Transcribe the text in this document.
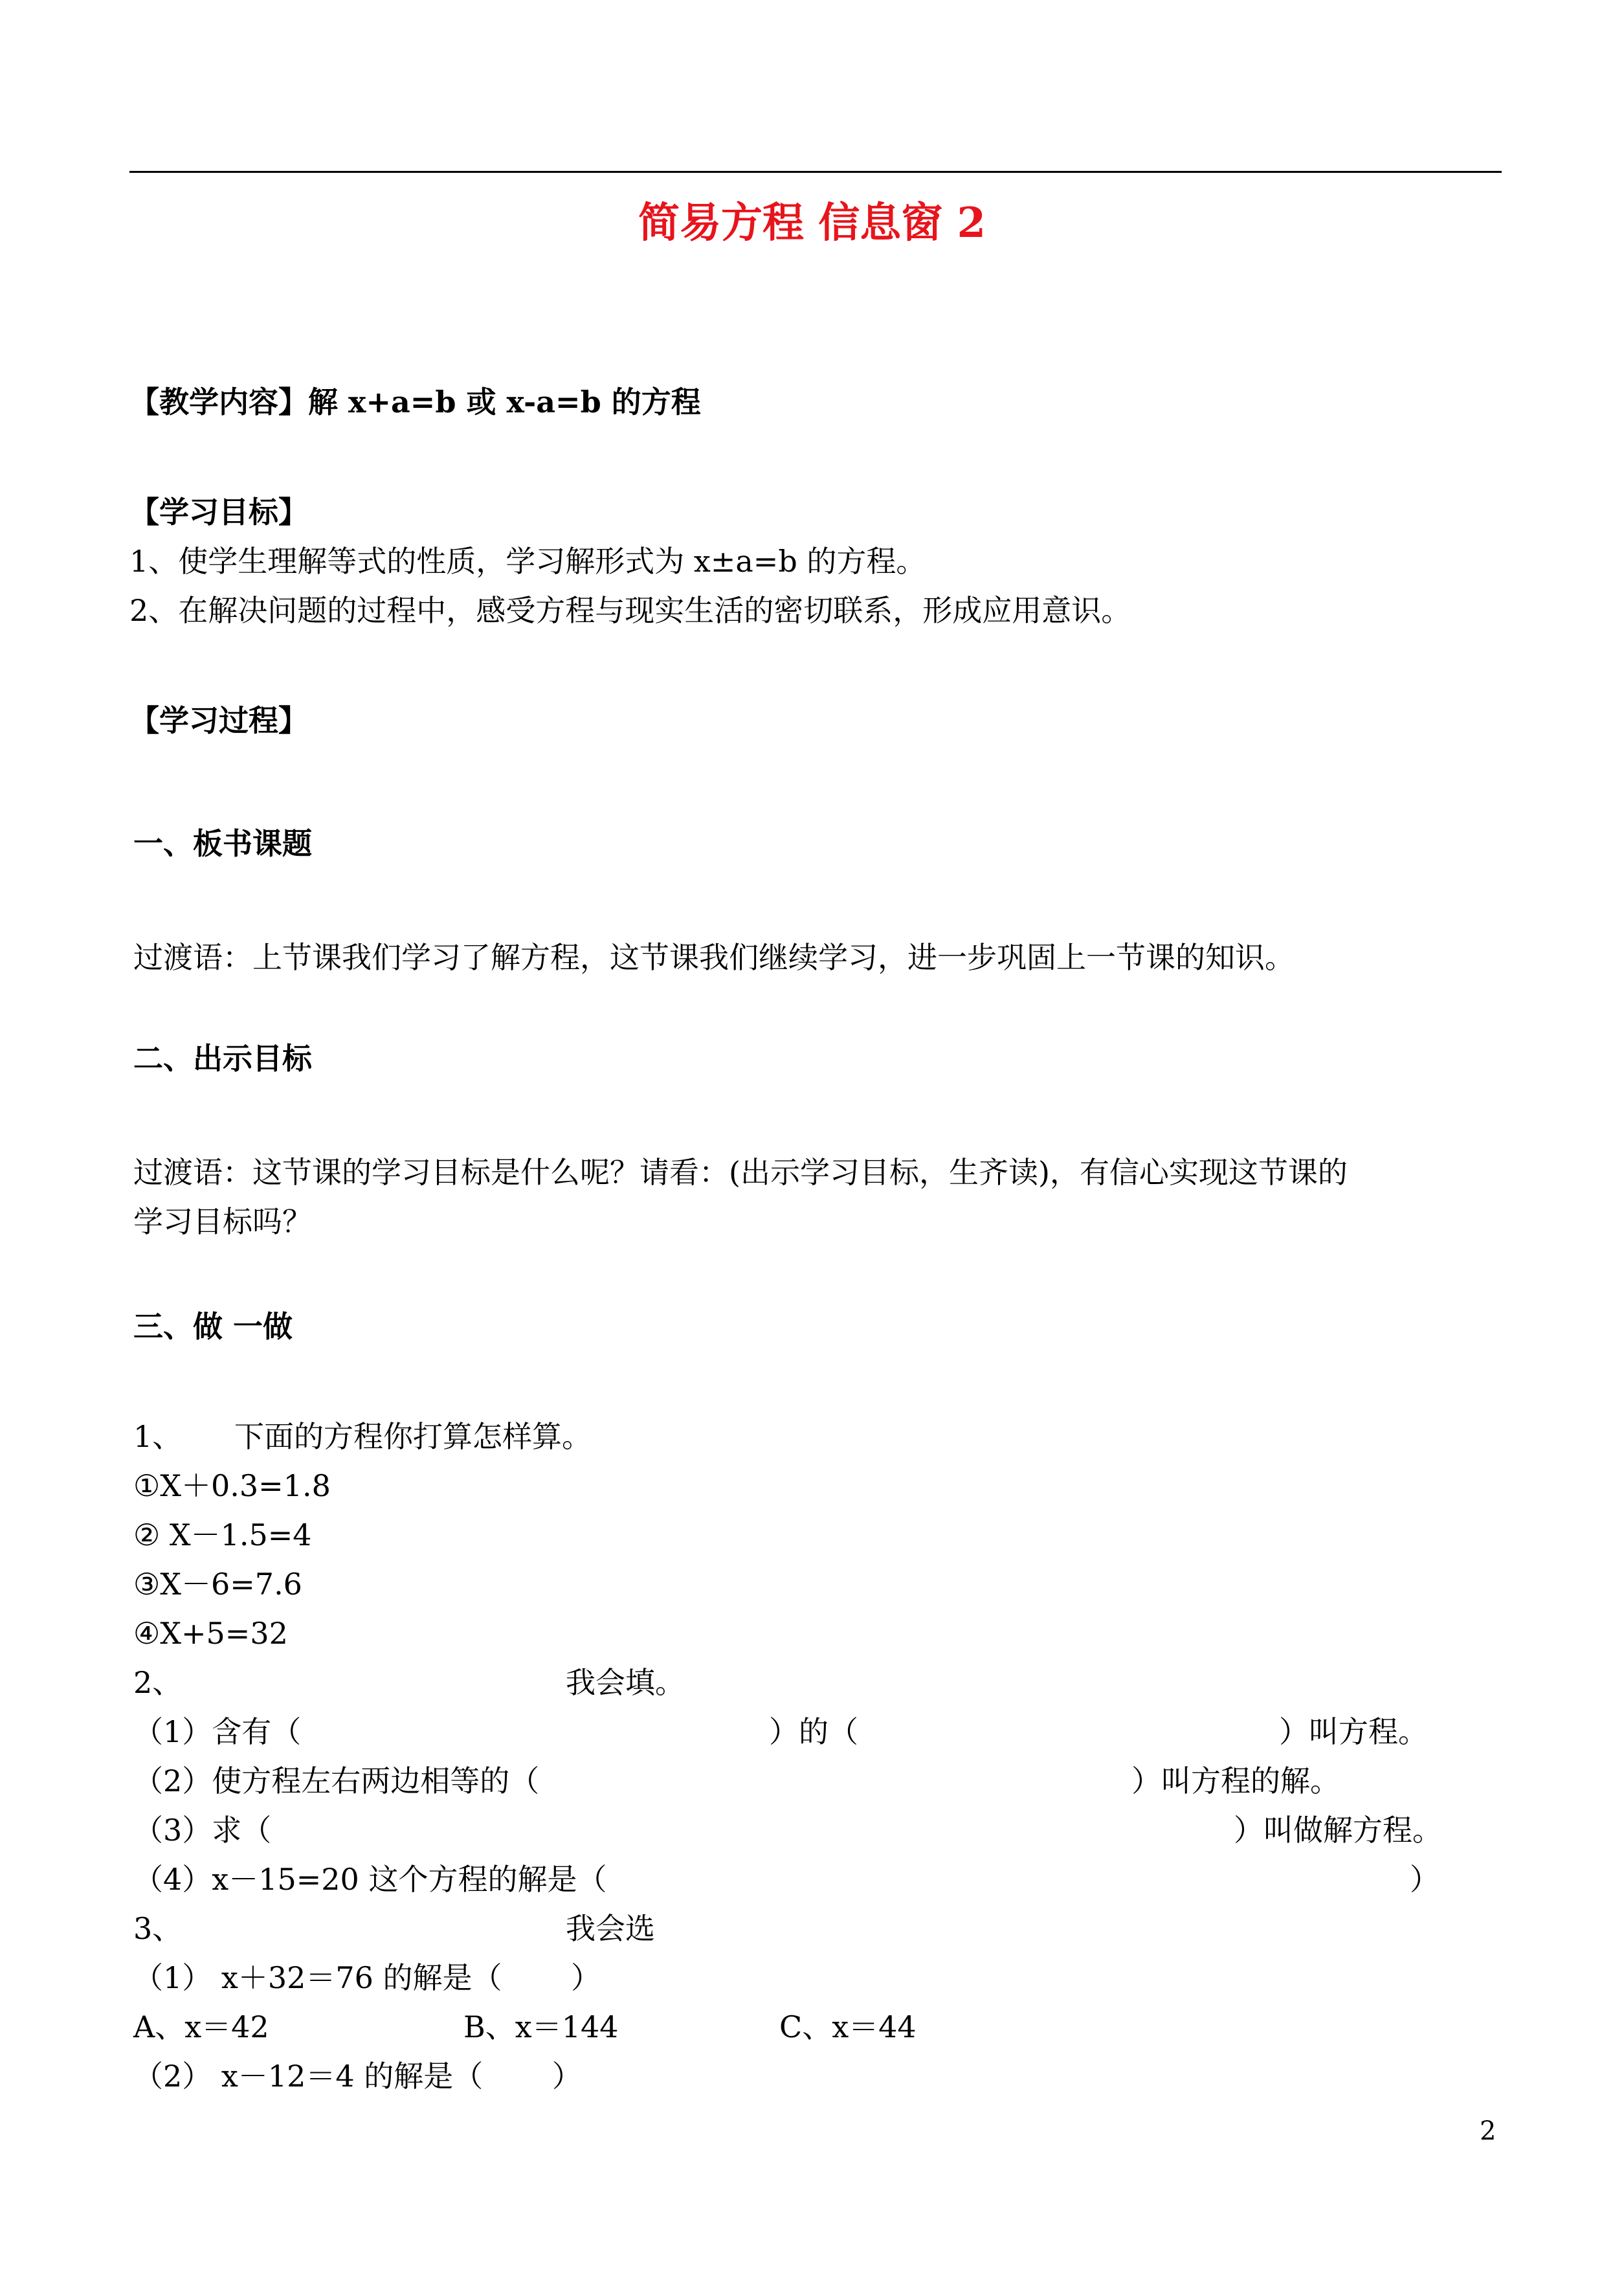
简易方程 信息窗 2
【教学内容】解 x+a=b 或 x-a=b 的方程
【学习目标】
1、使学生理解等式的性质，学习解形式为 x±a=b 的方程。
2、在解决问题的过程中，感受方程与现实生活的密切联系，形成应用意识。
【学习过程】
一、板书课题
过渡语：上节课我们学习了解方程，这节课我们继续学习，进一步巩固上一节课的知识。
二、出示目标
过渡语：这节课的学习目标是什么呢？请看：(出示学习目标，生齐读)，有信心实现这节课的
学习目标吗？
三、做 一做
1、 下面的方程你打算怎样算。
①X＋0.3=1.8
② X－1.5=4
③X－6=7.6
④X+5=32
2、	我会填。
（1）含有（	）的（	）叫方程。
（2）使方程左右两边相等的（	）叫方程的解。
（3）求（	）叫做解方程。
（4）x－15=20 这个方程的解是（	）
3、	我会选
（1） x＋32＝76 的解是（　　 ）
A、x＝42	B、x＝144	C、x＝44
（2） x－12＝4 的解是（　　 ）
2
